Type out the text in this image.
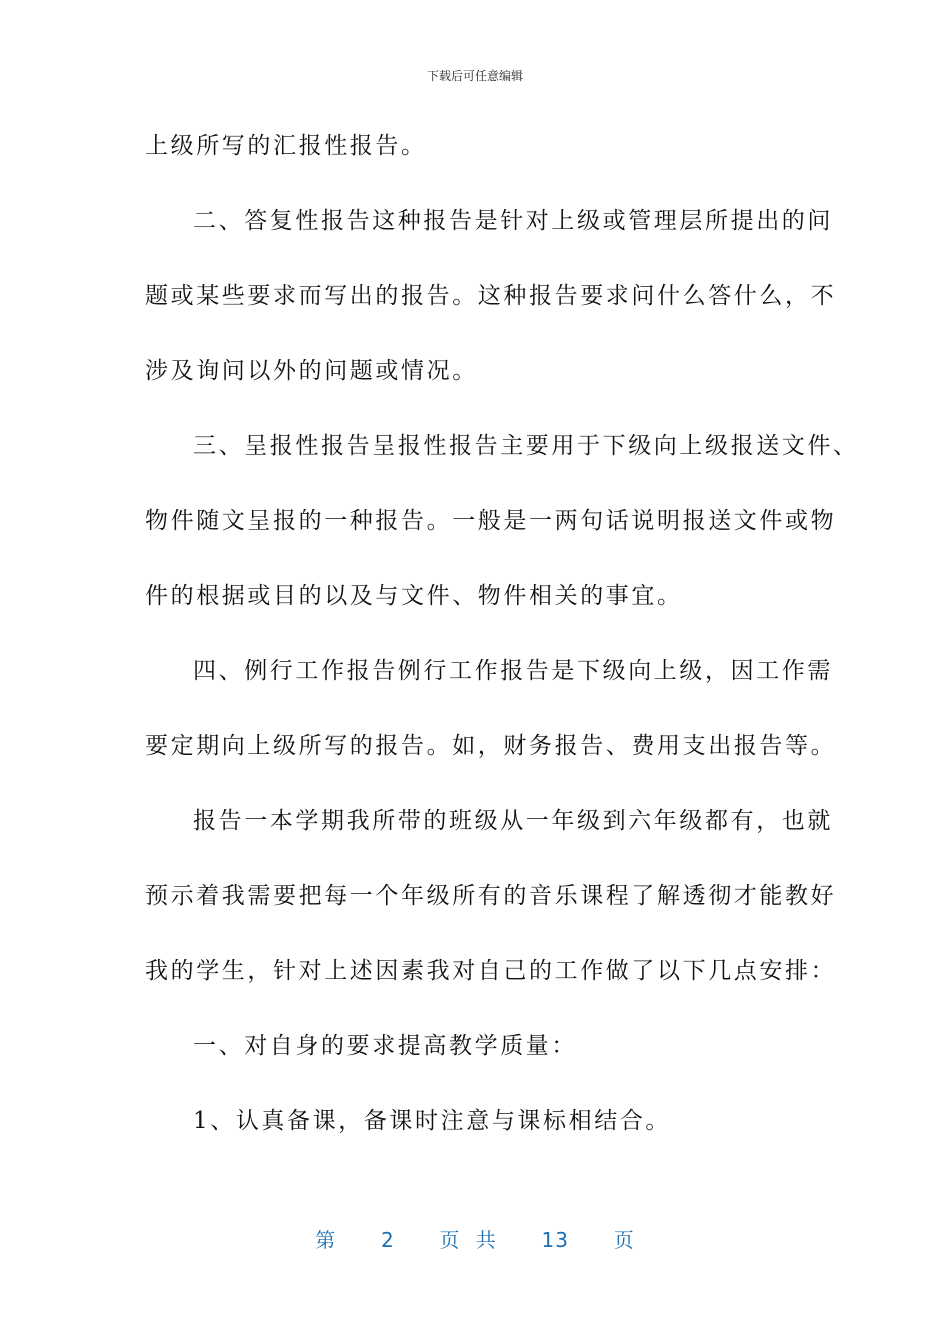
下载后可任意编辑
上级所写的汇报性报告。
二、答复性报告这种报告是针对上级或管理层所提出的问
题或某些要求而写出的报告。这种报告要求问什么答什么，不
涉及询问以外的问题或情况。
三、呈报性报告呈报性报告主要用于下级向上级报送文件、
物件随文呈报的一种报告。一般是一两句话说明报送文件或物
件的根据或目的以及与文件、物件相关的事宜。
四、例行工作报告例行工作报告是下级向上级，因工作需
要定期向上级所写的报告。如，财务报告、费用支出报告等。
报告一本学期我所带的班级从一年级到六年级都有，也就
预示着我需要把每一个年级所有的音乐课程了解透彻才能教好
我的学生，针对上述因素我对自己的工作做了以下几点安排：
一、对自身的要求提高教学质量：
1、认真备课，备课时注意与课标相结合。
第 2 页 共 13 页
